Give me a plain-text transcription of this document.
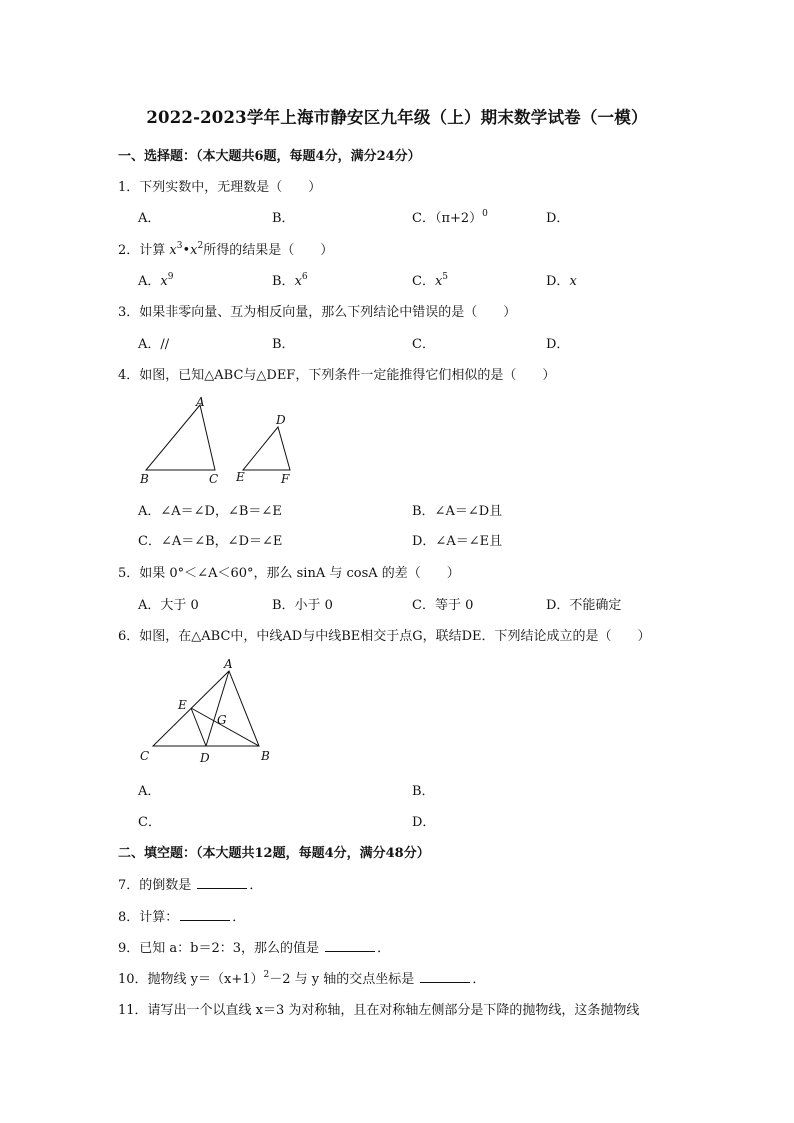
2022-2023学年上海市静安区九年级（上）期末数学试卷（一模）
一、选择题：（本大题共6题，每题4分，满分24分）
1．下列实数中，无理数是（　　）
A．	B．	C．$(\pi+2)^0$	D．
2．计算 $x^3•x^2$所得的结果是（　　）
A．$x^9$	B．$x^6$	C．$x^5$	D．x
3．如果非零向量、互为相反向量，那么下列结论中错误的是（　　）
A．//	B．	C．	D．
4．如图，已知△ABC与△DEF，下列条件一定能推得它们相似的是（　　）
A
B	C
D
E	F
A．∠A＝∠D，∠B＝∠E	B．∠A＝∠D且
C．∠A＝∠B，∠D＝∠E	D．∠A＝∠E且
5．如果 0°＜∠A＜60°，那么 sinA 与 cosA 的差（　　）
A．大于 0	B．小于 0	C．等于 0	D．不能确定
6．如图，在△ABC中，中线AD与中线BE相交于点G，联结DE．下列结论成立的是（　　）
A
E
G
C	D	B
A．	B．
C．	D．
二、填空题：（本大题共12题，每题4分，满分48分）
7．的倒数是	．
8．计算：	．
9．已知 a：b＝2：3，那么的值是	．
10．抛物线 $y=(x+1)^2-2$ 与 y 轴的交点坐标是	．
11．请写出一个以直线 x＝3 为对称轴，且在对称轴左侧部分是下降的抛物线，这条抛物线
